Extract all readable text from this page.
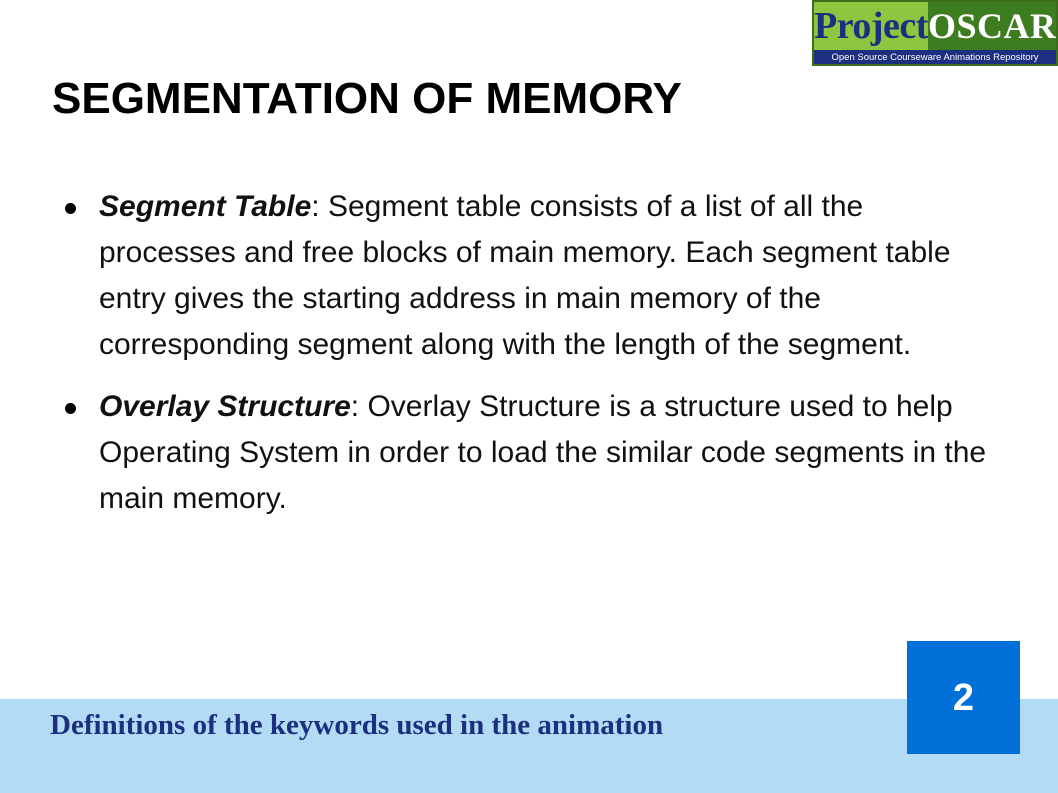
Project OSCAR
Open Source Courseware Animations Repository
SEGMENTATION OF MEMORY
Segment Table: Segment table consists of a list of all the processes and free blocks of main memory. Each segment table entry gives the starting address in main memory of the corresponding segment along with the length of the segment.
Overlay Structure: Overlay Structure is a structure used to help Operating System in order to load the similar code segments in the main memory.
Definitions of the keywords used in the animation
2
